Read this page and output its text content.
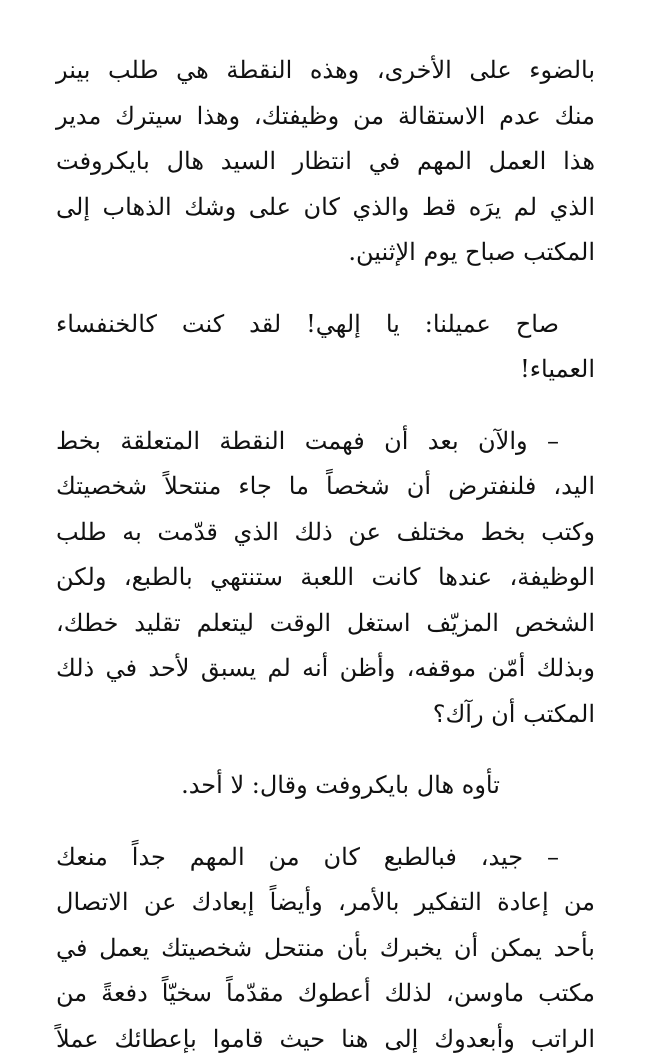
بالضوء على الأخرى، وهذه النقطة هي طلب بينر
منك عدم الاستقالة من وظيفتك، وهذا سيترك مدير
هذا العمل المهم في انتظار السيد هال بايكروفت
الذي لم يرَه قط والذي كان على وشك الذهاب إلى
المكتب صباح يوم الإثنين.
صاح عميلنا: يا إلهي! لقد كنت كالخنفساء
العمياء!
– والآن بعد أن فهمت النقطة المتعلقة بخط
اليد، فلنفترض أن شخصاً ما جاء منتحلاً شخصيتك
وكتب بخط مختلف عن ذلك الذي قدّمت به طلب
الوظيفة، عندها كانت اللعبة ستنتهي بالطبع، ولكن
الشخص المزيّف استغل الوقت ليتعلم تقليد خطك،
وبذلك أمّن موقفه، وأظن أنه لم يسبق لأحد في ذلك
المكتب أن رآك؟
تأوه هال بايكروفت وقال: لا أحد.
– جيد، فبالطبع كان من المهم جداً منعك
من إعادة التفكير بالأمر، وأيضاً إبعادك عن الاتصال
بأحد يمكن أن يخبرك بأن منتحل شخصيتك يعمل في
مكتب ماوسن، لذلك أعطوك مقدّماً سخيّاً دفعةً من
الراتب وأبعدوك إلى هنا حيث قاموا بإعطائك عملاً
